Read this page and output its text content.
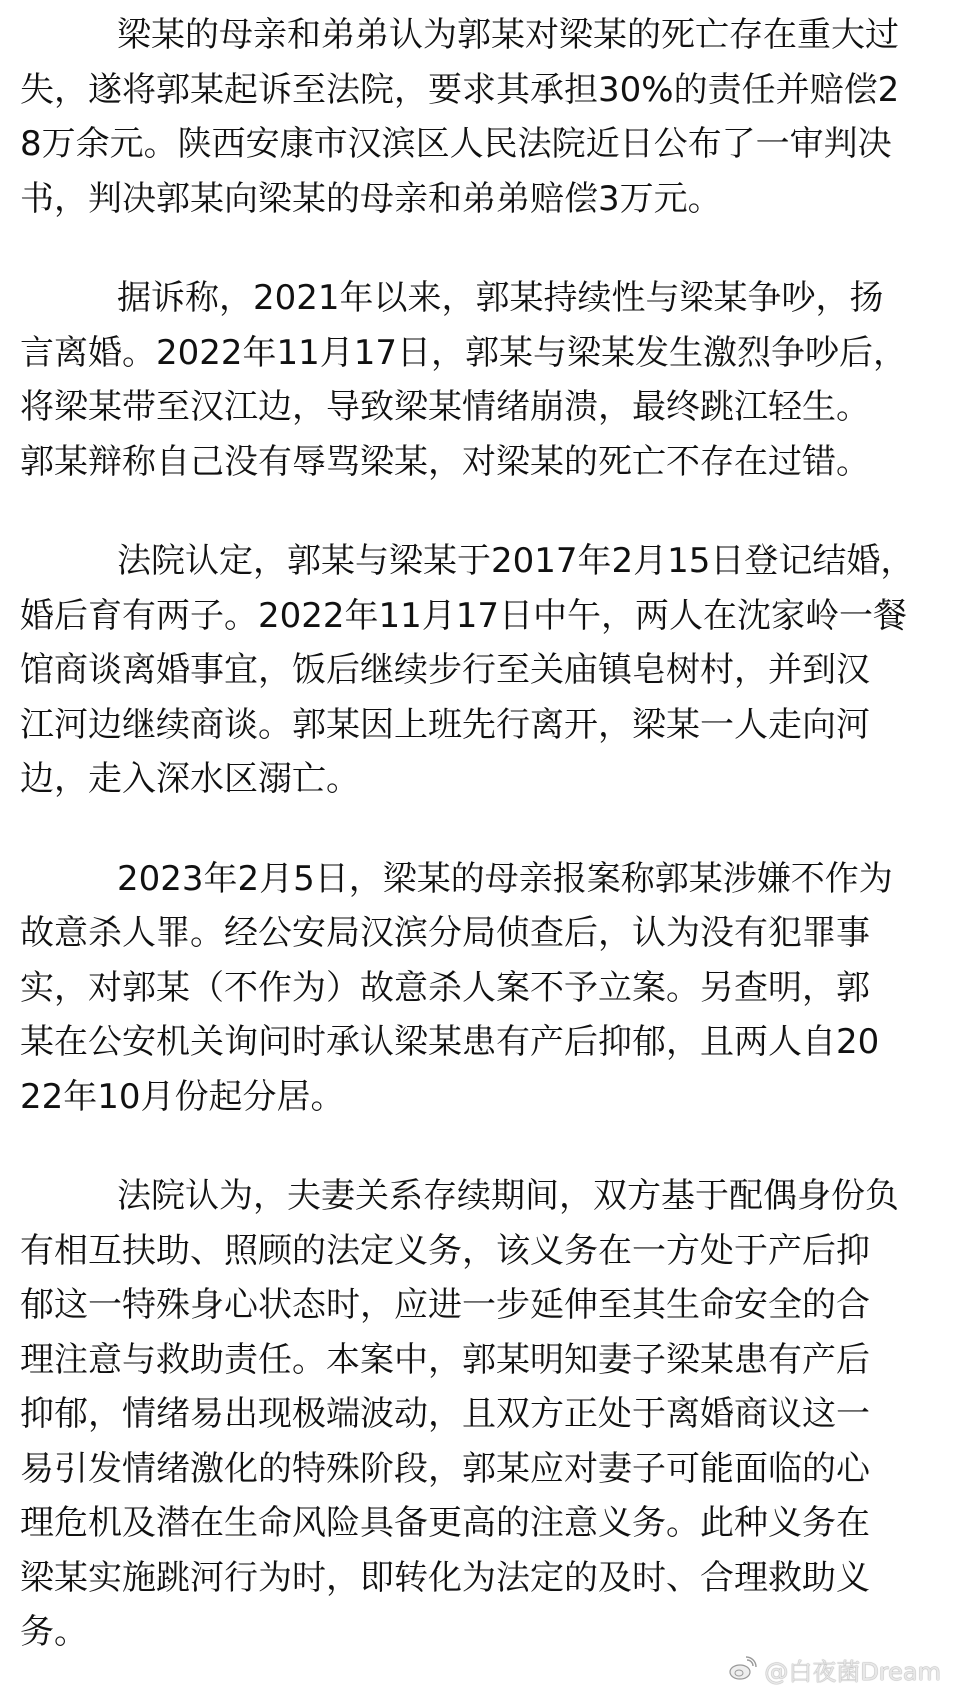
梁某的母亲和弟弟认为郭某对梁某的死亡存在重大过
失，遂将郭某起诉至法院，要求其承担30%的责任并赔偿2
8万余元。陕西安康市汉滨区人民法院近日公布了一审判决
书，判决郭某向梁某的母亲和弟弟赔偿3万元。
据诉称，2021年以来，郭某持续性与梁某争吵，扬
言离婚。2022年11月17日，郭某与梁某发生激烈争吵后，
将梁某带至汉江边，导致梁某情绪崩溃，最终跳江轻生。
郭某辩称自己没有辱骂梁某，对梁某的死亡不存在过错。
法院认定，郭某与梁某于2017年2月15日登记结婚，
婚后育有两子。2022年11月17日中午，两人在沈家岭一餐
馆商谈离婚事宜，饭后继续步行至关庙镇皂树村，并到汉
江河边继续商谈。郭某因上班先行离开，梁某一人走向河
边，走入深水区溺亡。
2023年2月5日，梁某的母亲报案称郭某涉嫌不作为
故意杀人罪。经公安局汉滨分局侦查后，认为没有犯罪事
实，对郭某（不作为）故意杀人案不予立案。另查明，郭
某在公安机关询问时承认梁某患有产后抑郁，且两人自20
22年10月份起分居。
法院认为，夫妻关系存续期间，双方基于配偶身份负
有相互扶助、照顾的法定义务，该义务在一方处于产后抑
郁这一特殊身心状态时，应进一步延伸至其生命安全的合
理注意与救助责任。本案中，郭某明知妻子梁某患有产后
抑郁，情绪易出现极端波动，且双方正处于离婚商议这一
易引发情绪激化的特殊阶段，郭某应对妻子可能面临的心
理危机及潜在生命风险具备更高的注意义务。此种义务在
梁某实施跳河行为时，即转化为法定的及时、合理救助义
务。
@白夜菌Dream
